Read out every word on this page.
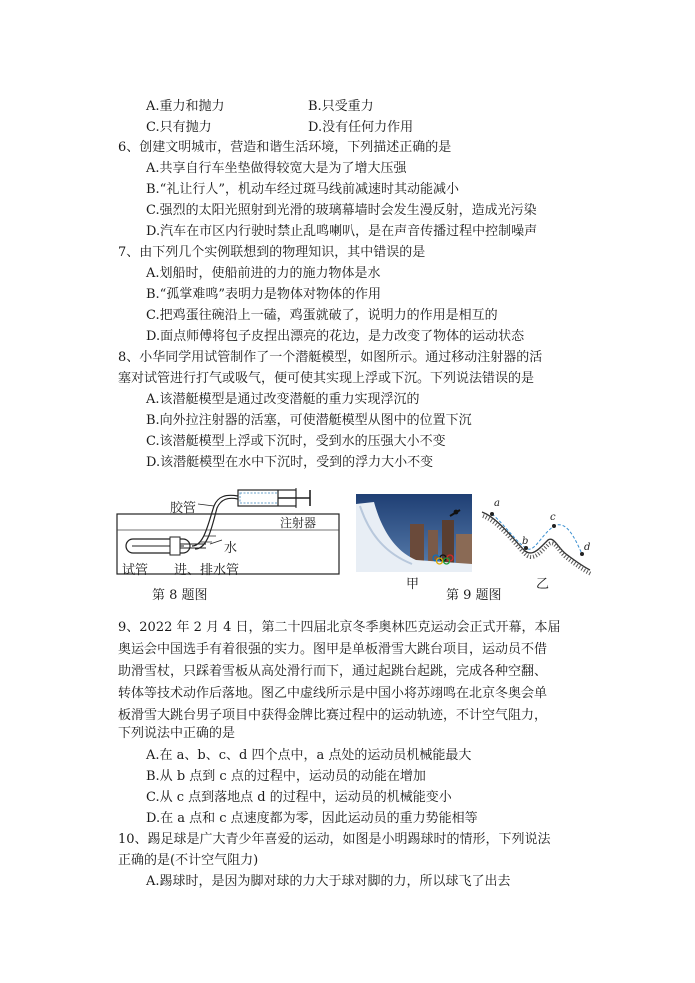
A.重力和抛力	B.只受重力
C.只有抛力	D.没有任何力作用
6、创建文明城市，营造和谐生活环境，下列描述正确的是
A.共享自行车坐垫做得较宽大是为了增大压强
B.“礼让行人”，机动车经过斑马线前减速时其动能减小
C.强烈的太阳光照射到光滑的玻璃幕墙时会发生漫反射，造成光污染
D.汽车在市区内行驶时禁止乱鸣喇叭，是在声音传播过程中控制噪声
7、由下列几个实例联想到的物理知识，其中错误的是
A.划船时，使船前进的力的施力物体是水
B.“孤掌难鸣”表明力是物体对物体的作用
C.把鸡蛋往碗沿上一磕，鸡蛋就破了，说明力的作用是相互的
D.面点师傅将包子皮捏出漂亮的花边，是力改变了物体的运动状态
8、小华同学用试管制作了一个潜艇模型，如图所示。通过移动注射器的活
塞对试管进行打气或吸气，便可使其实现上浮或下沉。下列说法错误的是
A.该潜艇模型是通过改变潜艇的重力实现浮沉的
B.向外拉注射器的活塞，可使潜艇模型从图中的位置下沉
C.该潜艇模型上浮或下沉时，受到水的压强大小不变
D.该潜艇模型在水中下沉时，受到的浮力大小不变
胶管
注射器
水
试管 进、排水管
第 8 题图
甲
a
b
c
d
乙
第 9 题图
9、2022 年 2 月 4 日，第二十四届北京冬季奥林匹克运动会正式开幕，本届
奥运会中国选手有着很强的实力。图甲是单板滑雪大跳台项目，运动员不借
助滑雪杖，只踩着雪板从高处滑行而下，通过起跳台起跳，完成各种空翻、
转体等技术动作后落地。图乙中虚线所示是中国小将苏翊鸣在北京冬奥会单
板滑雪大跳台男子项目中获得金牌比赛过程中的运动轨迹，不计空气阻力，
下列说法中正确的是
A.在 a、b、c、d 四个点中，a 点处的运动员机械能最大
B.从 b 点到 c 点的过程中，运动员的动能在增加
C.从 c 点到落地点 d 的过程中，运动员的机械能变小
D.在 a 点和 c 点速度都为零，因此运动员的重力势能相等
10、踢足球是广大青少年喜爱的运动，如图是小明踢球时的情形，下列说法
正确的是(不计空气阻力)
A.踢球时，是因为脚对球的力大于球对脚的力，所以球飞了出去
